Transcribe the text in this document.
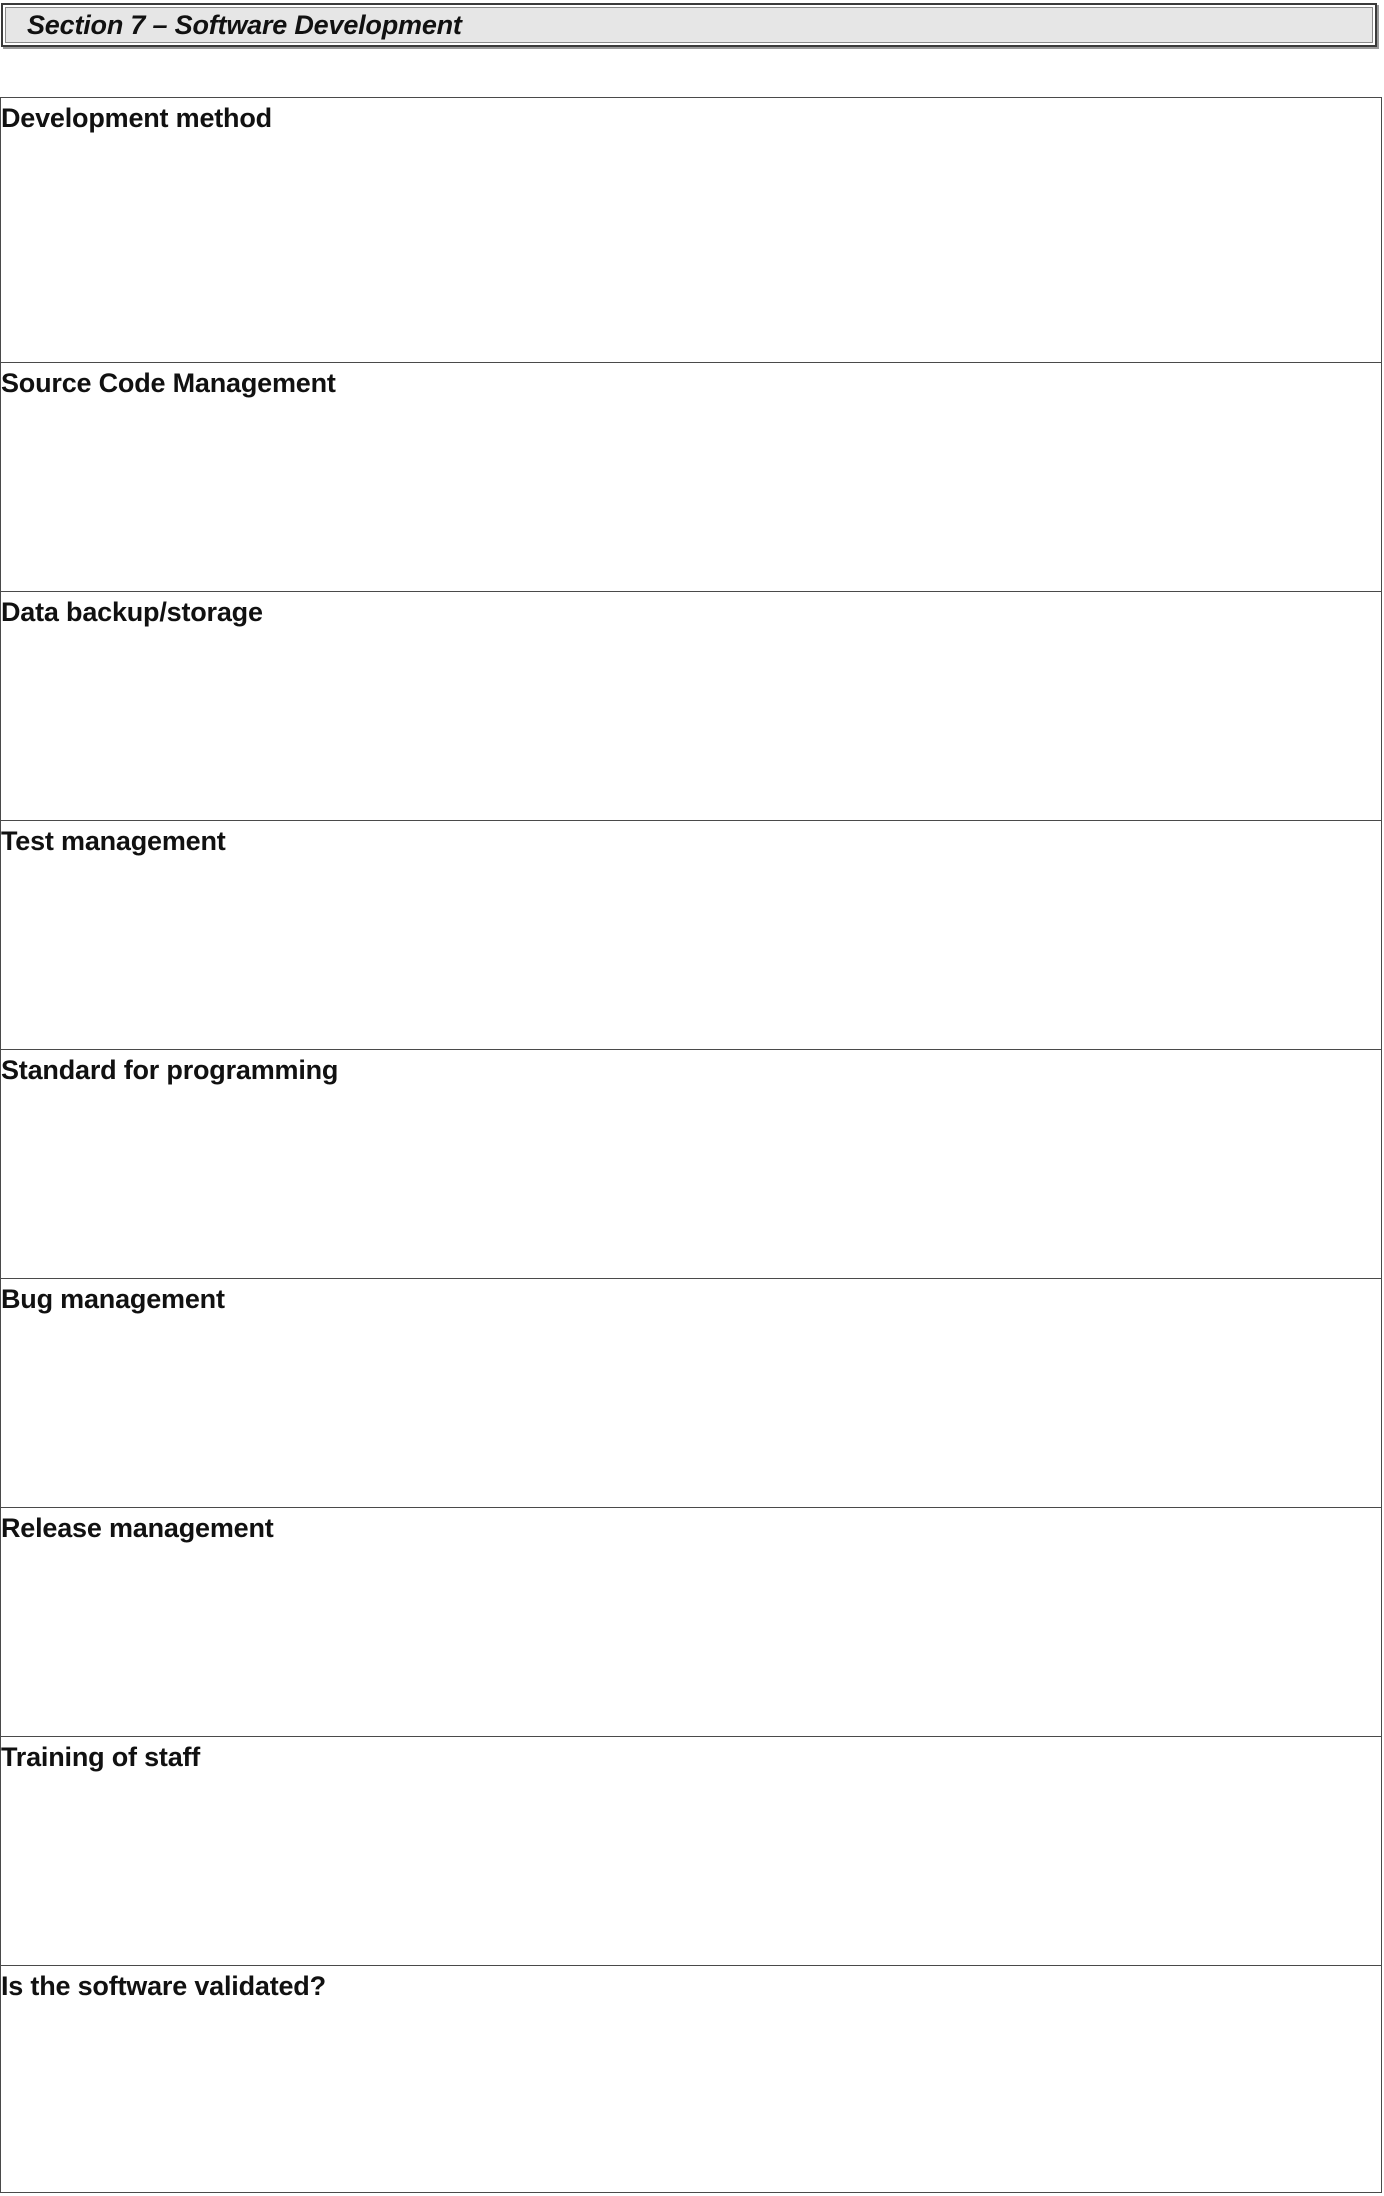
Section 7 – Software Development
Development method

Source Code Management

Data backup/storage

Test management

Standard for programming

Bug management

Release management

Training of staff

Is the software validated?
